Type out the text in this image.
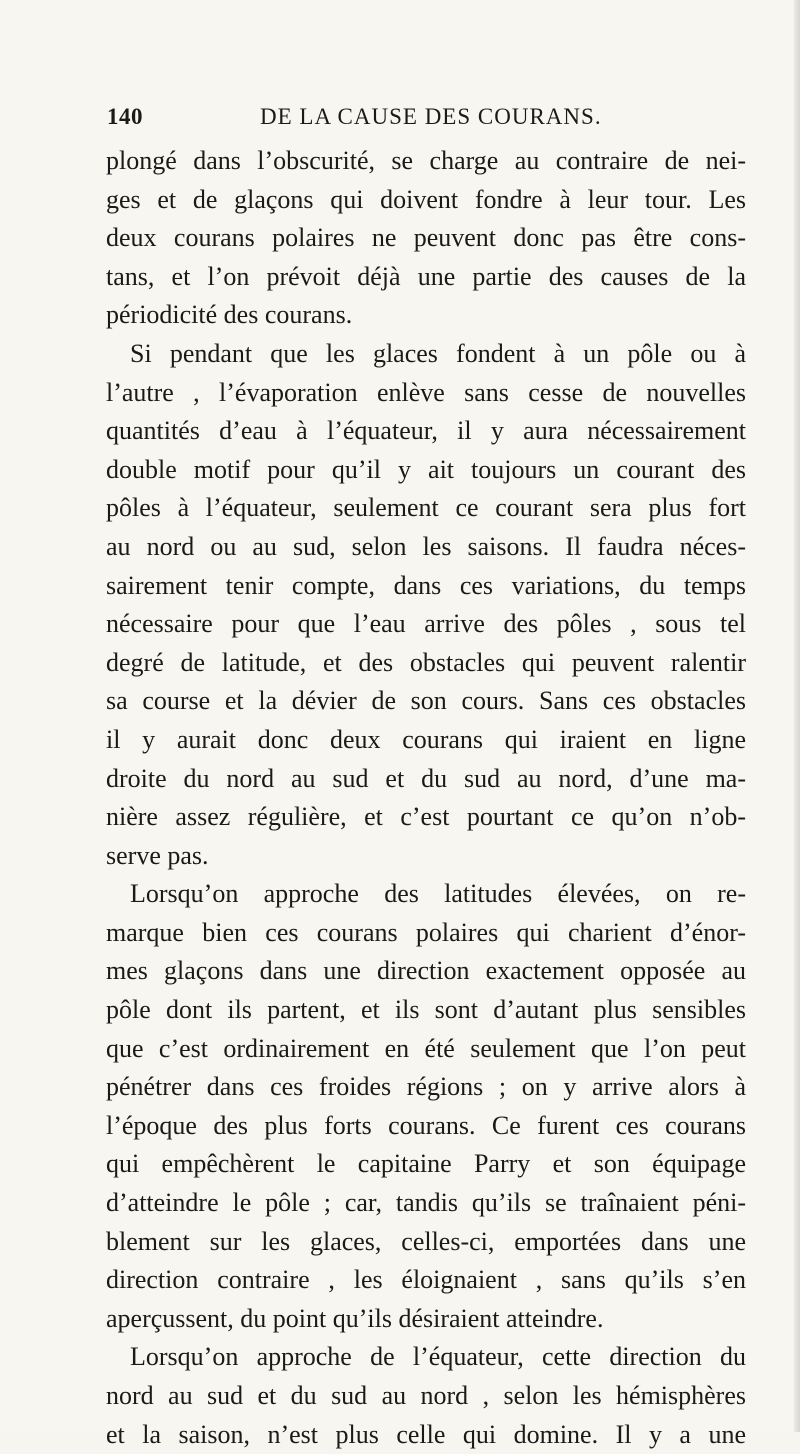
140	DE LA CAUSE DES COURANS.
plongé dans l’obscurité, se charge au contraire de nei-
ges et de glaçons qui doivent fondre à leur tour. Les
deux courans polaires ne peuvent donc pas être cons-
tans, et l’on prévoit déjà une partie des causes de la
périodicité des courans.
Si pendant que les glaces fondent à un pôle ou à
l’autre , l’évaporation enlève sans cesse de nouvelles
quantités d’eau à l’équateur, il y aura nécessairement
double motif pour qu’il y ait toujours un courant des
pôles à l’équateur, seulement ce courant sera plus fort
au nord ou au sud, selon les saisons. Il faudra néces-
sairement tenir compte, dans ces variations, du temps
nécessaire pour que l’eau arrive des pôles , sous tel
degré de latitude, et des obstacles qui peuvent ralentir
sa course et la dévier de son cours. Sans ces obstacles
il y aurait donc deux courans qui iraient en ligne
droite du nord au sud et du sud au nord, d’une ma-
nière assez régulière, et c’est pourtant ce qu’on n’ob-
serve pas.
Lorsqu’on approche des latitudes élevées, on re-
marque bien ces courans polaires qui charient d’énor-
mes glaçons dans une direction exactement opposée au
pôle dont ils partent, et ils sont d’autant plus sensibles
que c’est ordinairement en été seulement que l’on peut
pénétrer dans ces froides régions ; on y arrive alors à
l’époque des plus forts courans. Ce furent ces courans
qui empêchèrent le capitaine Parry et son équipage
d’atteindre le pôle ; car, tandis qu’ils se traînaient péni-
blement sur les glaces, celles-ci, emportées dans une
direction contraire , les éloignaient , sans qu’ils s’en
aperçussent, du point qu’ils désiraient atteindre.
Lorsqu’on approche de l’équateur, cette direction du
nord au sud et du sud au nord , selon les hémisphères
et la saison, n’est plus celle qui domine. Il y a une
